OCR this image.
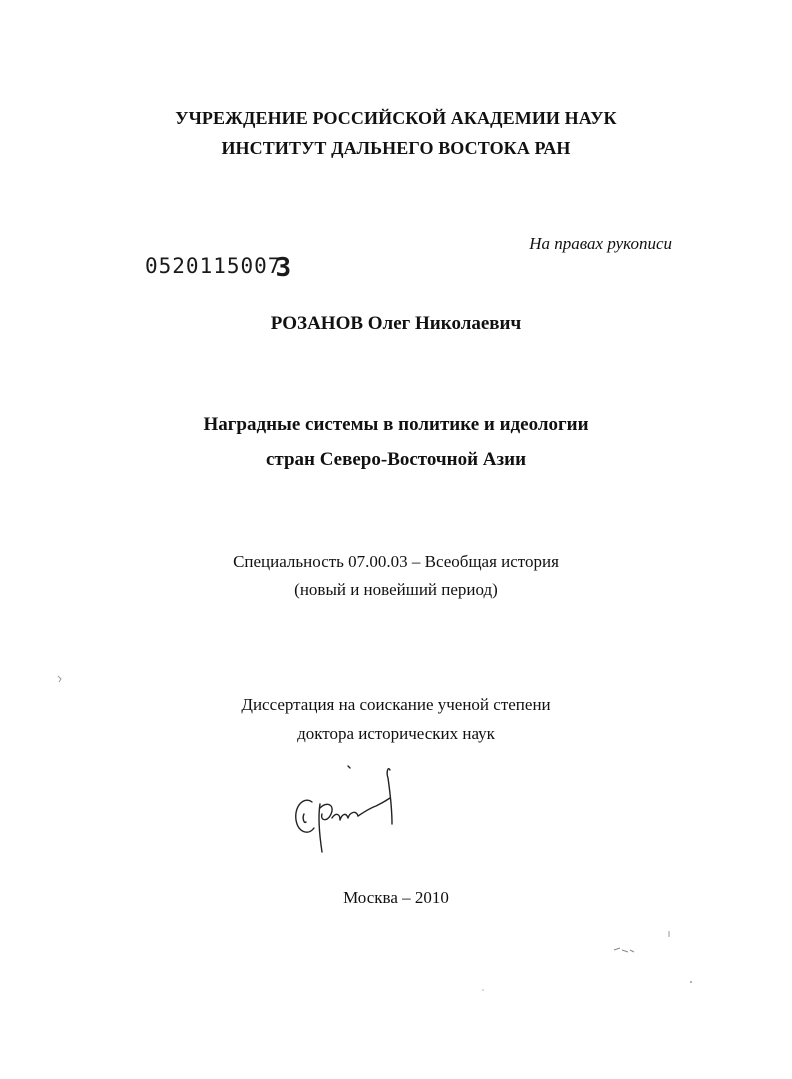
УЧРЕЖДЕНИЕ РОССИЙСКОЙ АКАДЕМИИ НАУК
ИНСТИТУТ ДАЛЬНЕГО ВОСТОКА РАН
На правах рукописи
05201150073
РОЗАНОВ Олег Николаевич
Наградные системы в политике и идеологии
стран Северо-Восточной Азии
Специальность 07.00.03 – Всеобщая история
(новый и новейший период)
Диссертация на соискание ученой степени
доктора исторических наук
Москва – 2010
